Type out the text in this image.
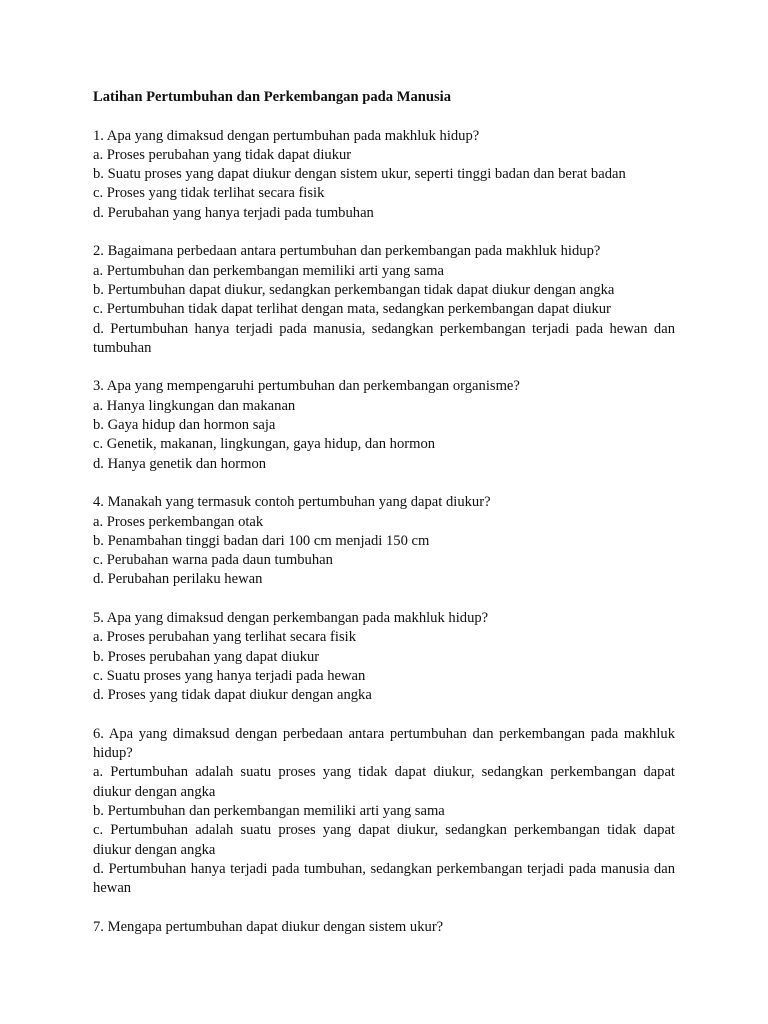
Latihan Pertumbuhan dan Perkembangan pada Manusia
1. Apa yang dimaksud dengan pertumbuhan pada makhluk hidup?
a. Proses perubahan yang tidak dapat diukur
b. Suatu proses yang dapat diukur dengan sistem ukur, seperti tinggi badan dan berat badan
c. Proses yang tidak terlihat secara fisik
d. Perubahan yang hanya terjadi pada tumbuhan
2. Bagaimana perbedaan antara pertumbuhan dan perkembangan pada makhluk hidup?
a. Pertumbuhan dan perkembangan memiliki arti yang sama
b. Pertumbuhan dapat diukur, sedangkan perkembangan tidak dapat diukur dengan angka
c. Pertumbuhan tidak dapat terlihat dengan mata, sedangkan perkembangan dapat diukur
d. Pertumbuhan hanya terjadi pada manusia, sedangkan perkembangan terjadi pada hewan dan tumbuhan
3. Apa yang mempengaruhi pertumbuhan dan perkembangan organisme?
a. Hanya lingkungan dan makanan
b. Gaya hidup dan hormon saja
c. Genetik, makanan, lingkungan, gaya hidup, dan hormon
d. Hanya genetik dan hormon
4. Manakah yang termasuk contoh pertumbuhan yang dapat diukur?
a. Proses perkembangan otak
b. Penambahan tinggi badan dari 100 cm menjadi 150 cm
c. Perubahan warna pada daun tumbuhan
d. Perubahan perilaku hewan
5. Apa yang dimaksud dengan perkembangan pada makhluk hidup?
a. Proses perubahan yang terlihat secara fisik
b. Proses perubahan yang dapat diukur
c. Suatu proses yang hanya terjadi pada hewan
d. Proses yang tidak dapat diukur dengan angka
6. Apa yang dimaksud dengan perbedaan antara pertumbuhan dan perkembangan pada makhluk hidup?
a. Pertumbuhan adalah suatu proses yang tidak dapat diukur, sedangkan perkembangan dapat diukur dengan angka
b. Pertumbuhan dan perkembangan memiliki arti yang sama
c. Pertumbuhan adalah suatu proses yang dapat diukur, sedangkan perkembangan tidak dapat diukur dengan angka
d. Pertumbuhan hanya terjadi pada tumbuhan, sedangkan perkembangan terjadi pada manusia dan hewan
7. Mengapa pertumbuhan dapat diukur dengan sistem ukur?
